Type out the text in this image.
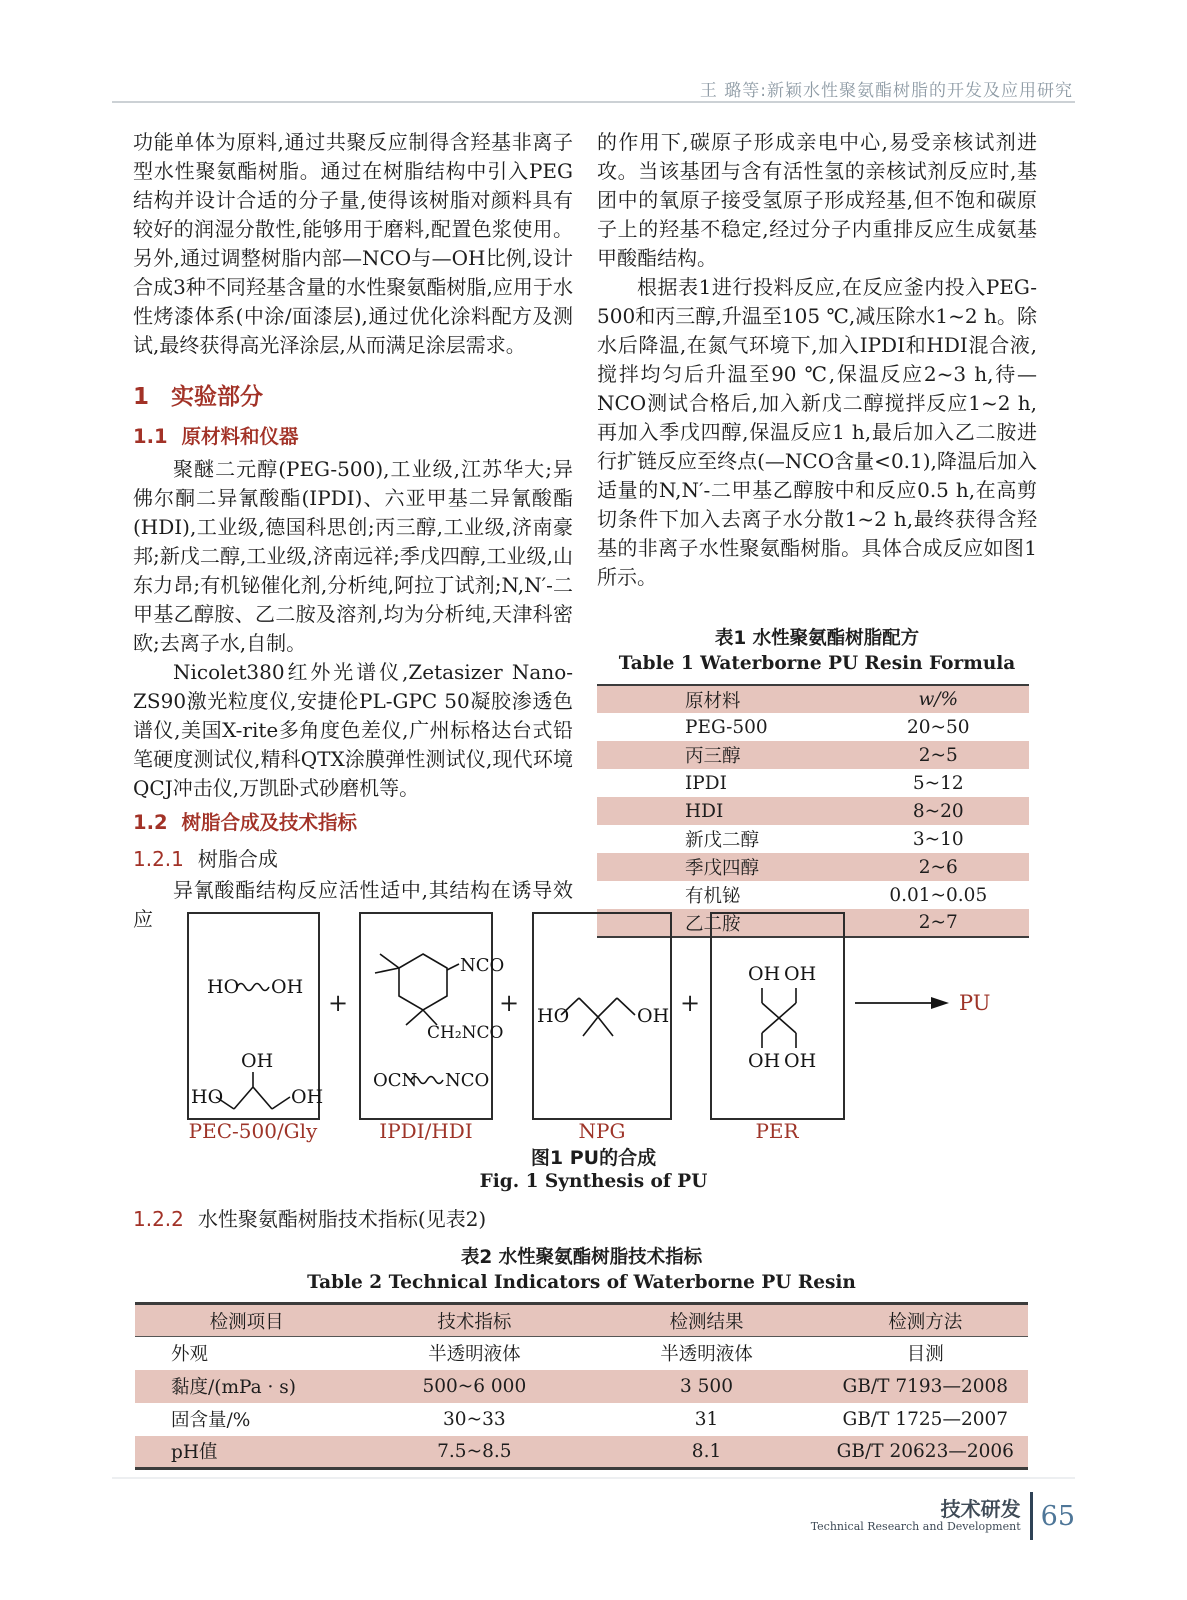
王 璐等:新颖水性聚氨酯树脂的开发及应用研究

功能单体为原料,通过共聚反应制得含羟基非离子型水性聚氨酯树脂。通过在树脂结构中引入PEG结构并设计合适的分子量,使得该树脂对颜料具有较好的润湿分散性,能够用于磨料,配置色浆使用。另外,通过调整树脂内部—NCO与—OH比例,设计合成3种不同羟基含量的水性聚氨酯树脂,应用于水性烤漆体系(中涂/面漆层),通过优化涂料配方及测试,最终获得高光泽涂层,从而满足涂层需求。

1 实验部分
1.1 原材料和仪器

聚醚二元醇(PEG-500),工业级,江苏华大;异佛尔酮二异氰酸酯(IPDI)、六亚甲基二异氰酸酯(HDI),工业级,德国科思创;丙三醇,工业级,济南豪邦;新戊二醇,工业级,济南远祥;季戊四醇,工业级,山东力昂;有机铋催化剂,分析纯,阿拉丁试剂;N,N′-二甲基乙醇胺、乙二胺及溶剂,均为分析纯,天津科密欧;去离子水,自制。

Nicolet380红外光谱仪,Zetasizer Nano-ZS90激光粒度仪,安捷伦PL-GPC 50凝胶渗透色谱仪,美国X-rite多角度色差仪,广州标格达台式铅笔硬度测试仪,精科QTX涂膜弹性测试仪,现代环境QCJ冲击仪,万凯卧式砂磨机等。

1.2 树脂合成及技术指标
1.2.1 树脂合成

异氰酸酯结构反应活性适中,其结构在诱导效应

的作用下,碳原子形成亲电中心,易受亲核试剂进攻。当该基团与含有活性氢的亲核试剂反应时,基团中的氧原子接受氢原子形成羟基,但不饱和碳原子上的羟基不稳定,经过分子内重排反应生成氨基甲酸酯结构。

根据表1进行投料反应,在反应釜内投入PEG-500和丙三醇,升温至105 ℃,减压除水1~2 h。除水后降温,在氮气环境下,加入IPDI和HDI混合液,搅拌均匀后升温至90 ℃,保温反应2~3 h,待—NCO测试合格后,加入新戊二醇搅拌反应1~2 h,再加入季戊四醇,保温反应1 h,最后加入乙二胺进行扩链反应至终点(—NCO含量<0.1),降温后加入适量的N,N′-二甲基乙醇胺中和反应0.5 h,在高剪切条件下加入去离子水分散1~2 h,最终获得含羟基的非离子水性聚氨酯树脂。具体合成反应如图1所示。

表1 水性聚氨酯树脂配方

Table 1 Waterborne PU Resin Formula

原材料	w/%
PEG-500	20~50
丙三醇	2~5
IPDI	5~12
HDI	8~20
新戊二醇	3~10
季戊四醇	2~6
有机铋	0.01~0.05
乙二胺	2~7
HO OH
OH
HO	OH
+
NCO
CH₂NCO
OCN NCO
+ HO	OH +
OH OH
OH OH
PU
PEC-500/Gly	IPDI/HDI	NPG	PER
图1 PU的合成
Fig. 1 Synthesis of PU
1.2.2 水性聚氨酯树脂技术指标(见表2)

表2 水性聚氨酯树脂技术指标

Table 2 Technical Indicators of Waterborne PU Resin

检测项目	技术指标	检测结果	检测方法
外观	半透明液体	半透明液体	目测
黏度/(mPa · s)	500~6 000	3 500	GB/T 7193—2008
固含量/%	30~33	31	GB/T 1725—2007
pH值	7.5~8.5	8.1	GB/T 20623—2006
技术研发
Technical Research and Development 65
